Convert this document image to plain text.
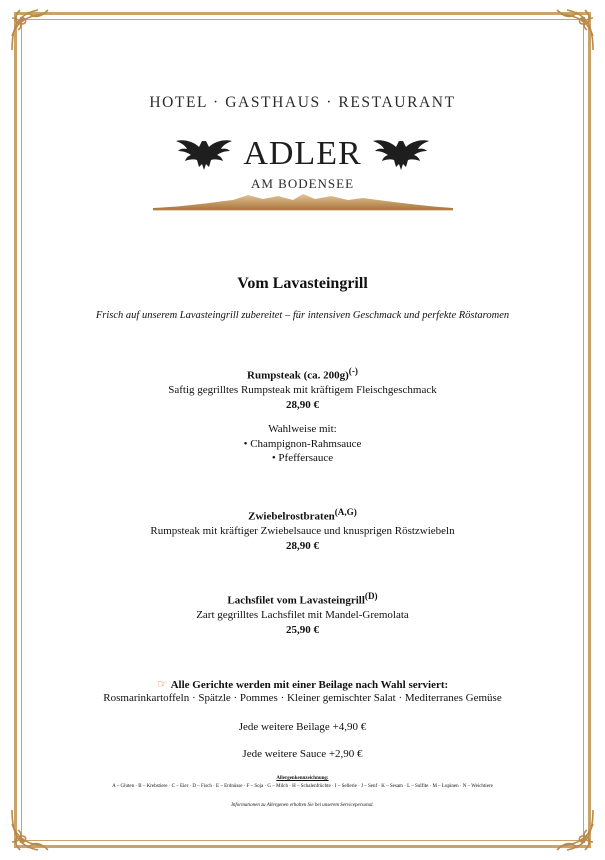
HOTEL · GASTHAUS · RESTAURANT
ADLER
AM BODENSEE
Vom Lavasteingrill
Frisch auf unserem Lavasteingrill zubereitet – für intensiven Geschmack und perfekte Röstaromen
Rumpsteak (ca. 200g)(-)
Saftig gegrilltes Rumpsteak mit kräftigem Fleischgeschmack
28,90 €
Wahlweise mit:
• Champignon-Rahmsauce
• Pfeffersauce
Zwiebelrostbraten$^{(A,G)}$
Rumpsteak mit kräftiger Zwiebelsauce und knusprigen Röstzwiebeln
28,90 €
Lachsfilet vom Lavasteingrill$^{(D)}$
Zart gegrilltes Lachsfilet mit Mandel-Gremolata
25,90 €
☞ Alle Gerichte werden mit einer Beilage nach Wahl serviert:
Rosmarinkartoffeln · Spätzle · Pommes · Kleiner gemischter Salat · Mediterranes Gemüse
Jede weitere Beilage +4,90 €
Jede weitere Sauce +2,90 €
Allergenkennzeichnung:
A – Gluten · B – Krebstiere · C – Eier · D – Fisch · E – Erdnüsse · F – Soja · G – Milch · H – Schalenfrüchte · I – Sellerie · J – Senf · K – Sesam · L – Sulfite · M – Lupinen · N – Weichtiere
Informationen zu Allergenen erhalten Sie bei unserem Servicepersonal.
